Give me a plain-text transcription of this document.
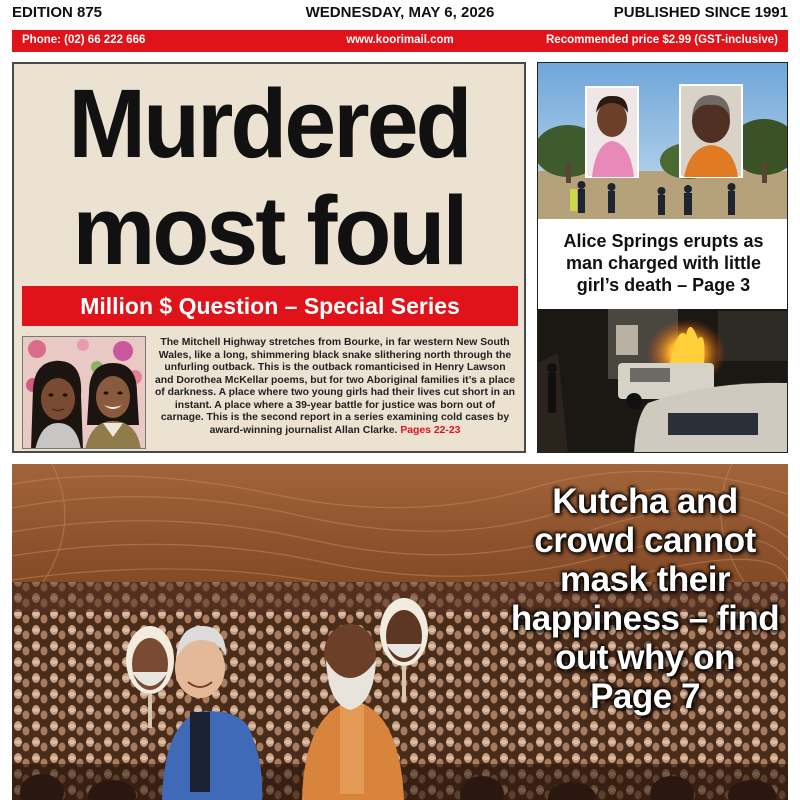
EDITION 875	WEDNESDAY, MAY 6, 2026	PUBLISHED SINCE 1991
Phone: (02) 66 222 666	www.koorimail.com	Recommended price $2.99 (GST-inclusive)
Murdered
most foul
Million $ Question – Special Series
The Mitchell Highway stretches from Bourke, in far western New South Wales, like a long, shimmering black snake slithering north through the unfurling outback. This is the outback romanticised in Henry Lawson and Dorothea McKellar poems, but for two Aboriginal families it’s a place of darkness. A place where two young girls had their lives cut short in an instant. A place where a 39-year battle for justice was born out of carnage. This is the second report in a series examining cold cases by award-winning journalist Allan Clarke. Pages 22-23
Alice Springs erupts as man charged with little girl’s death – Page 3
Kutcha and crowd cannot mask their happiness – find out why on Page 7
